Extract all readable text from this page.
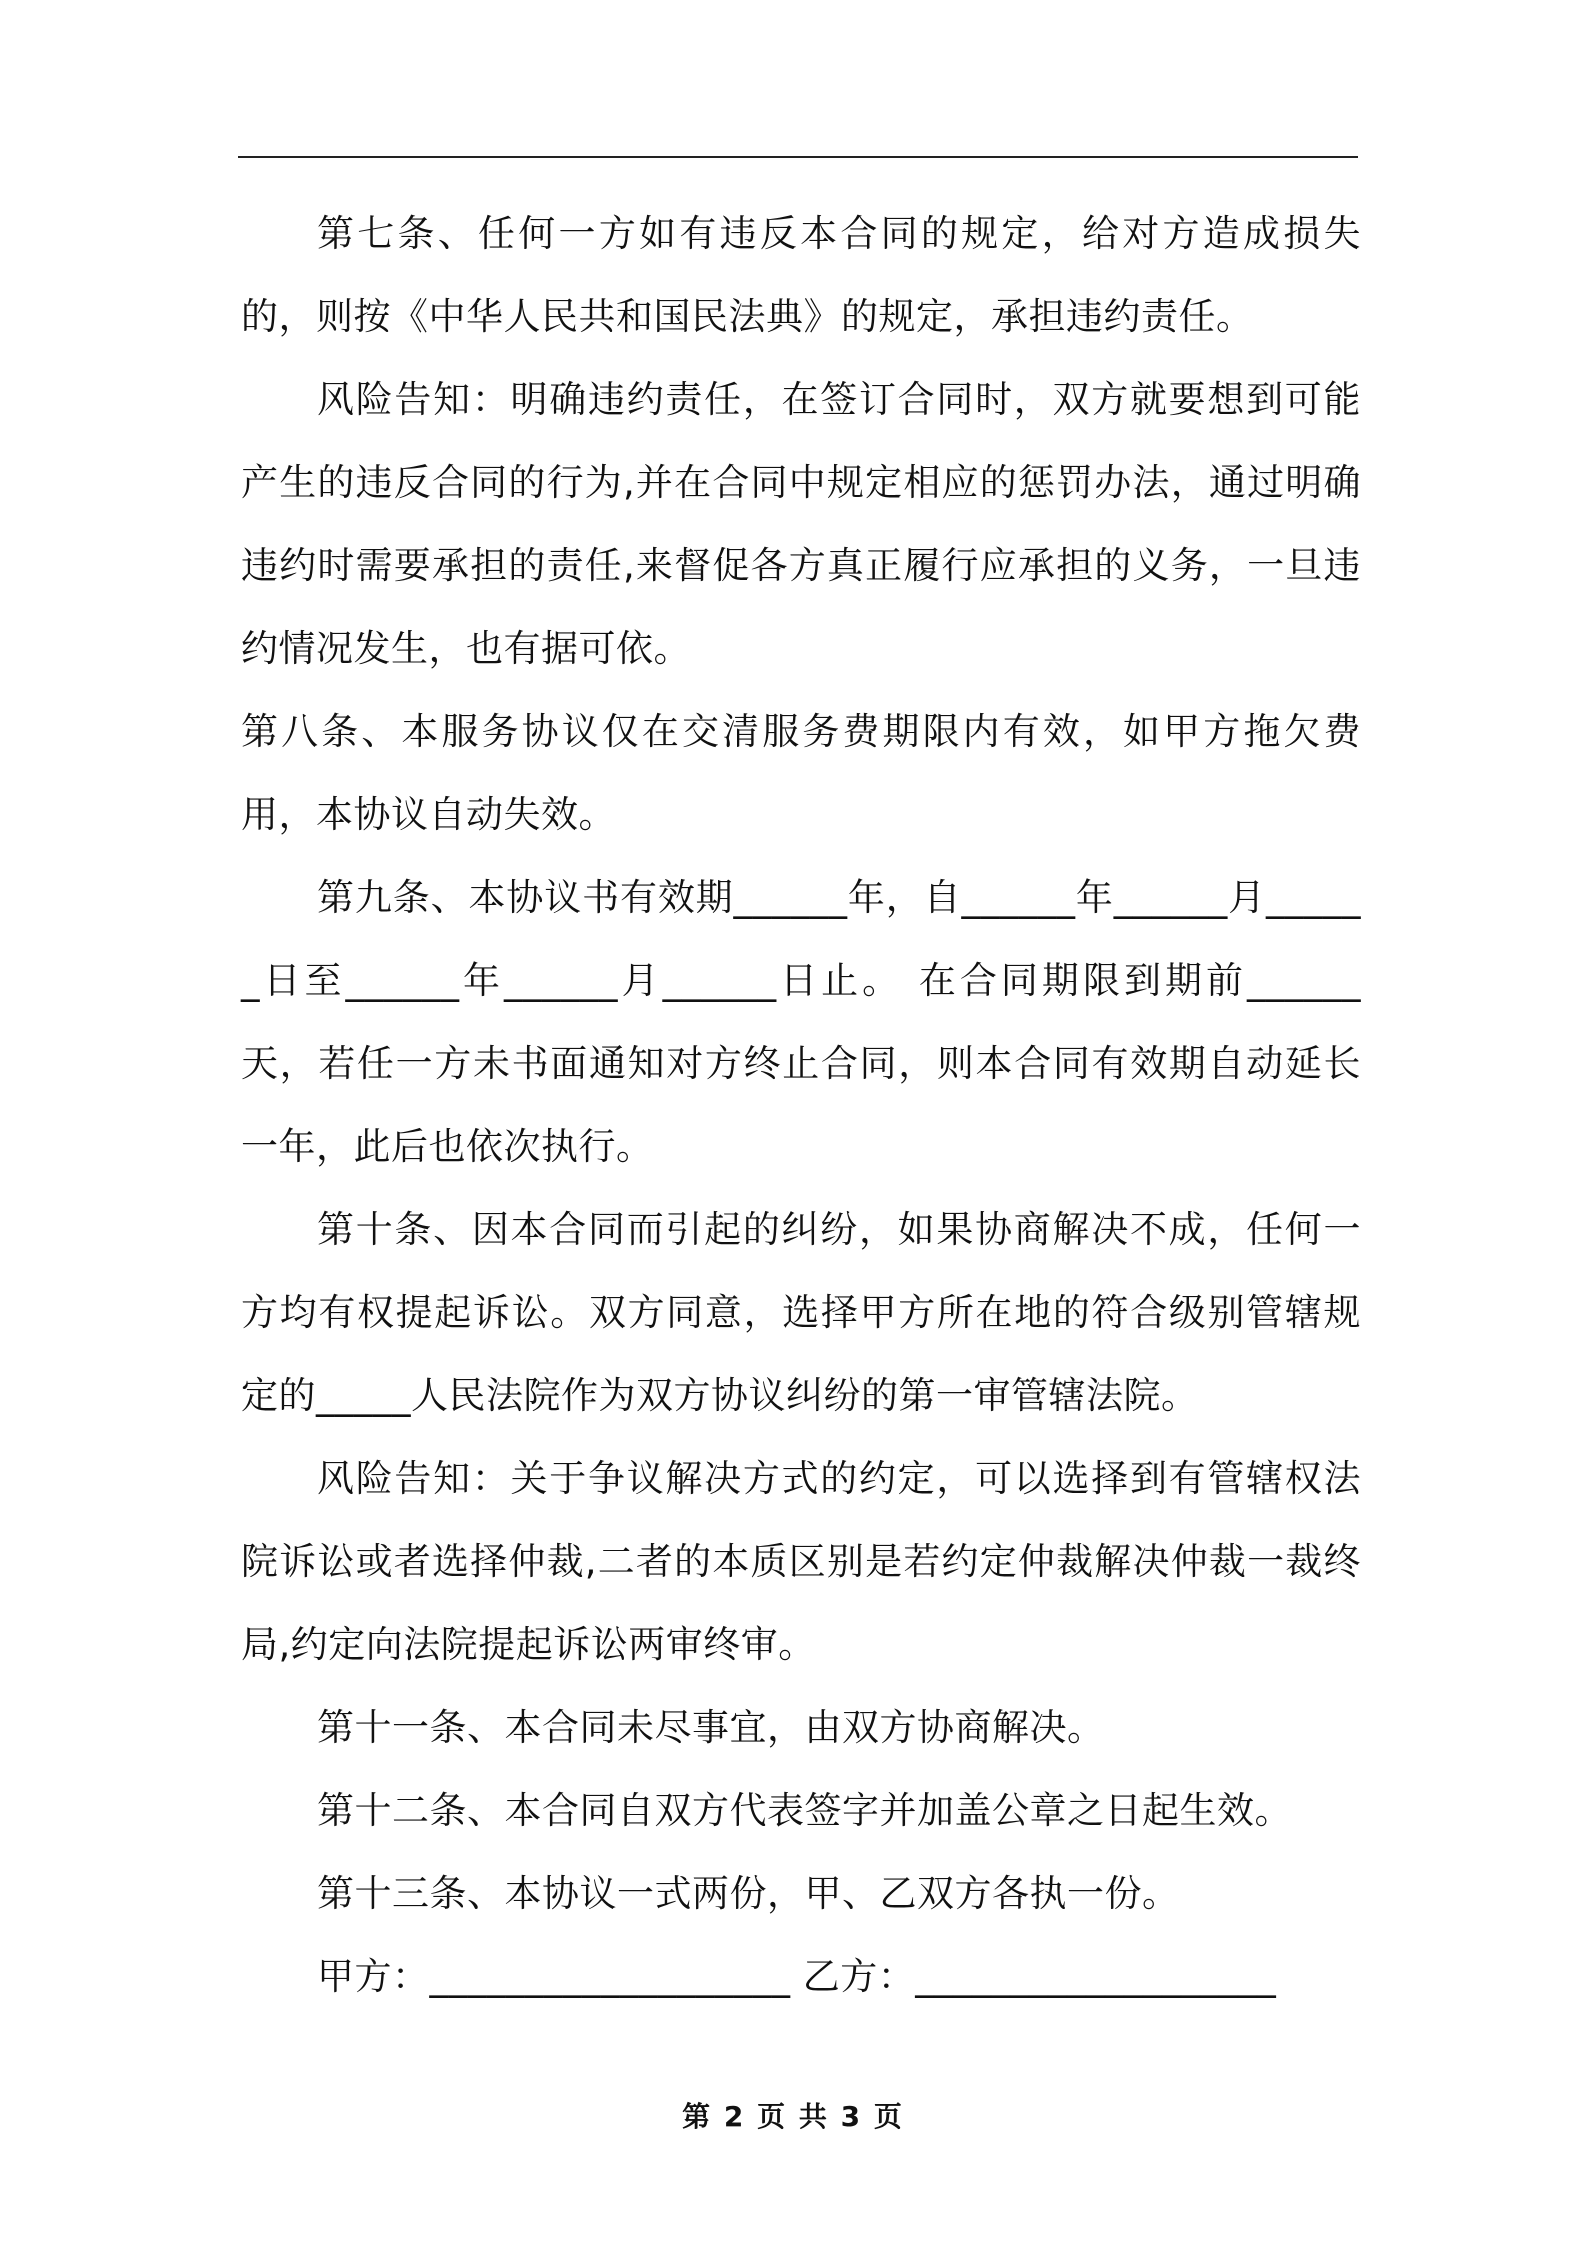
第七条、任何一方如有违反本合同的规定，给对方造成损失的，则按《中华人民共和国民法典》的规定，承担违约责任。

风险告知：明确违约责任，在签订合同时，双方就要想到可能产生的违反合同的行为,并在合同中规定相应的惩罚办法，通过明确违约时需要承担的责任,来督促各方真正履行应承担的义务，一旦违约情况发生，也有据可依。

第八条、本服务协议仅在交清服务费期限内有效，如甲方拖欠费用，本协议自动失效。

第九条、本协议书有效期______年，自______年______月______日至______年______月______日止。 在合同期限到期前______天，若任一方未书面通知对方终止合同，则本合同有效期自动延长一年，此后也依次执行。

第十条、因本合同而引起的纠纷，如果协商解决不成，任何一方均有权提起诉讼。双方同意，选择甲方所在地的符合级别管辖规定的_____人民法院作为双方协议纠纷的第一审管辖法院。

风险告知：关于争议解决方式的约定，可以选择到有管辖权法院诉讼或者选择仲裁,二者的本质区别是若约定仲裁解决仲裁一裁终局,约定向法院提起诉讼两审终审。

第十一条、本合同未尽事宜，由双方协商解决。

第十二条、本合同自双方代表签字并加盖公章之日起生效。

第十三条、本协议一式两份，甲、乙双方各执一份。

甲方：___________________ 乙方：___________________

第 2 页 共 3 页
